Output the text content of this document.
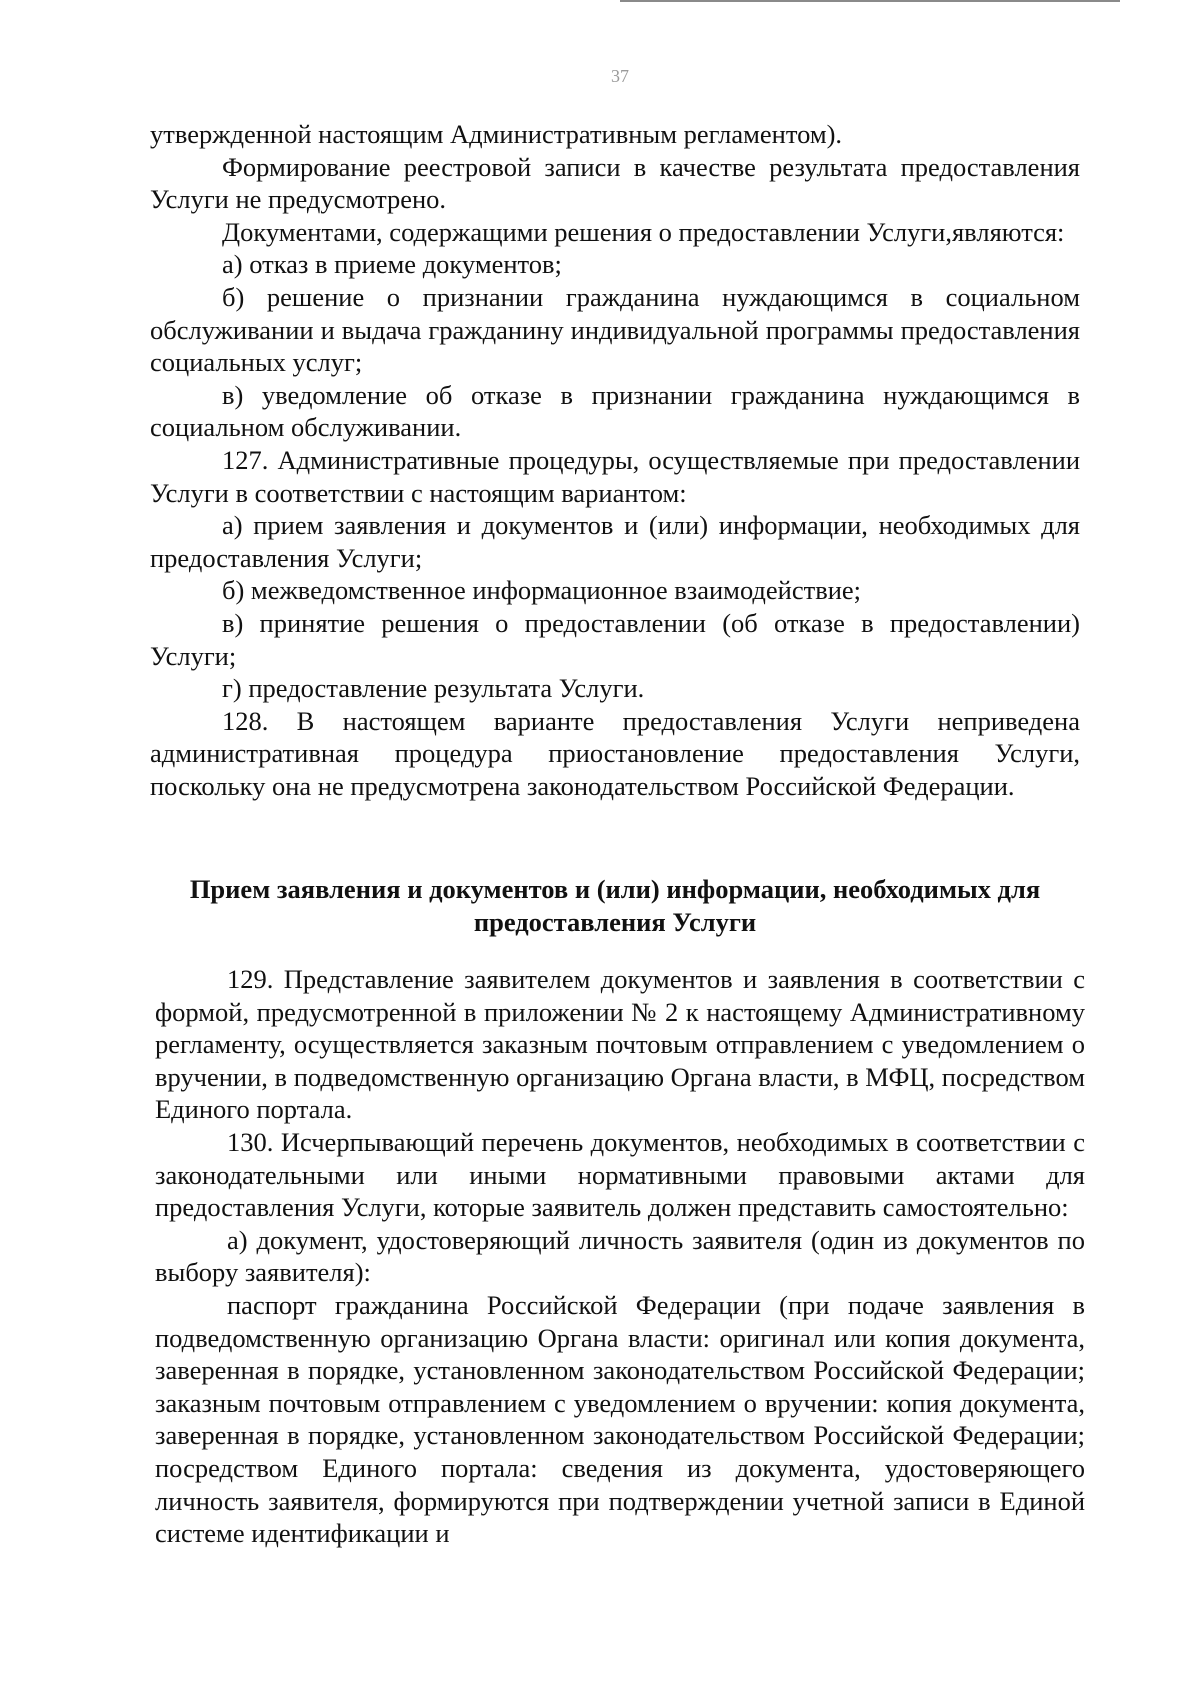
37

утвержденной настоящим Административным регламентом).

Формирование реестровой записи в качестве результата предоставления Услуги не предусмотрено.

Документами, содержащими решения о предоставлении Услуги,являются:

а) отказ в приеме документов;

б) решение о признании гражданина нуждающимся в социальном обслуживании и выдача гражданину индивидуальной программы предоставления социальных услуг;

в) уведомление об отказе в признании гражданина нуждающимся в социальном обслуживании.

127. Административные процедуры, осуществляемые при предоставлении Услуги в соответствии с настоящим вариантом:

а) прием заявления и документов и (или) информации, необходимых для предоставления Услуги;

б) межведомственное информационное взаимодействие;

в) принятие решения о предоставлении (об отказе в предоставлении) Услуги;

г) предоставление результата Услуги.

128. В настоящем варианте предоставления Услуги неприведена административная процедура приостановление предоставления Услуги, поскольку она не предусмотрена законодательством Российской Федерации.

Прием заявления и документов и (или) информации, необходимых для
предоставления Услуги

129. Представление заявителем документов и заявления в соответствии с формой, предусмотренной в приложении № 2 к настоящему Административному регламенту, осуществляется заказным почтовым отправлением с уведомлением о вручении, в подведомственную организацию Органа власти, в МФЦ, посредством Единого портала.

130. Исчерпывающий перечень документов, необходимых в соответствии с законодательными или иными нормативными правовыми актами для предоставления Услуги, которые заявитель должен представить самостоятельно:

а) документ, удостоверяющий личность заявителя (один из документов по выбору заявителя):

паспорт гражданина Российской Федерации (при подаче заявления в подведомственную организацию Органа власти: оригинал или копия документа, заверенная в порядке, установленном законодательством Российской Федерации; заказным почтовым отправлением с уведомлением о вручении: копия документа, заверенная в порядке, установленном законодательством Российской Федерации; посредством Единого портала: сведения из документа, удостоверяющего личность заявителя, формируются при подтверждении учетной записи в Единой системе идентификации и
